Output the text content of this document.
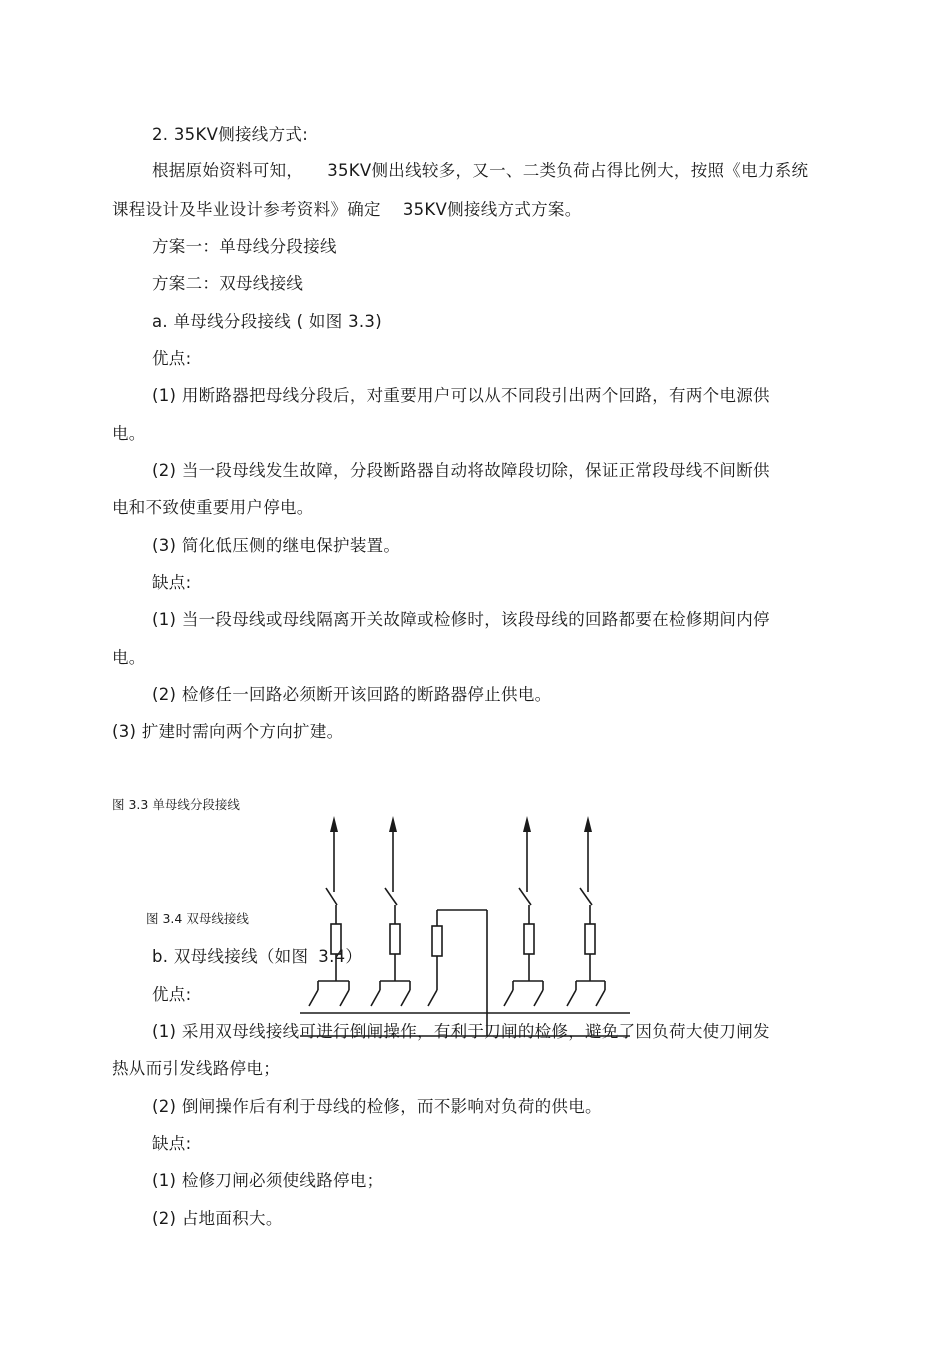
2. 35KV侧接线方式:
根据原始资料可知， 35KV侧出线较多，又一、二类负荷占得比例大，按照《电力系统
课程设计及毕业设计参考资料》确定 35KV侧接线方式方案。
方案一：单母线分段接线
方案二：双母线接线
a. 单母线分段接线 ( 如图 3.3)
优点:
(1) 用断路器把母线分段后，对重要用户可以从不同段引出两个回路，有两个电源供
电。
(2) 当一段母线发生故障，分段断路器自动将故障段切除，保证正常段母线不间断供
电和不致使重要用户停电。
(3) 简化低压侧的继电保护装置。
缺点:
(1) 当一段母线或母线隔离开关故障或检修时，该段母线的回路都要在检修期间内停
电。
(2) 检修任一回路必须断开该回路的断路器停止供电。
(3) 扩建时需向两个方向扩建。
图 3.3 单母线分段接线
图 3.4 双母线接线
b. 双母线接线（如图 3.4）
优点:
(1) 采用双母线接线可进行倒闸操作，有利于刀闸的检修，避免了因负荷大使刀闸发
热从而引发线路停电；
(2) 倒闸操作后有利于母线的检修，而不影响对负荷的供电。
缺点:
(1) 检修刀闸必须使线路停电；
(2) 占地面积大。
